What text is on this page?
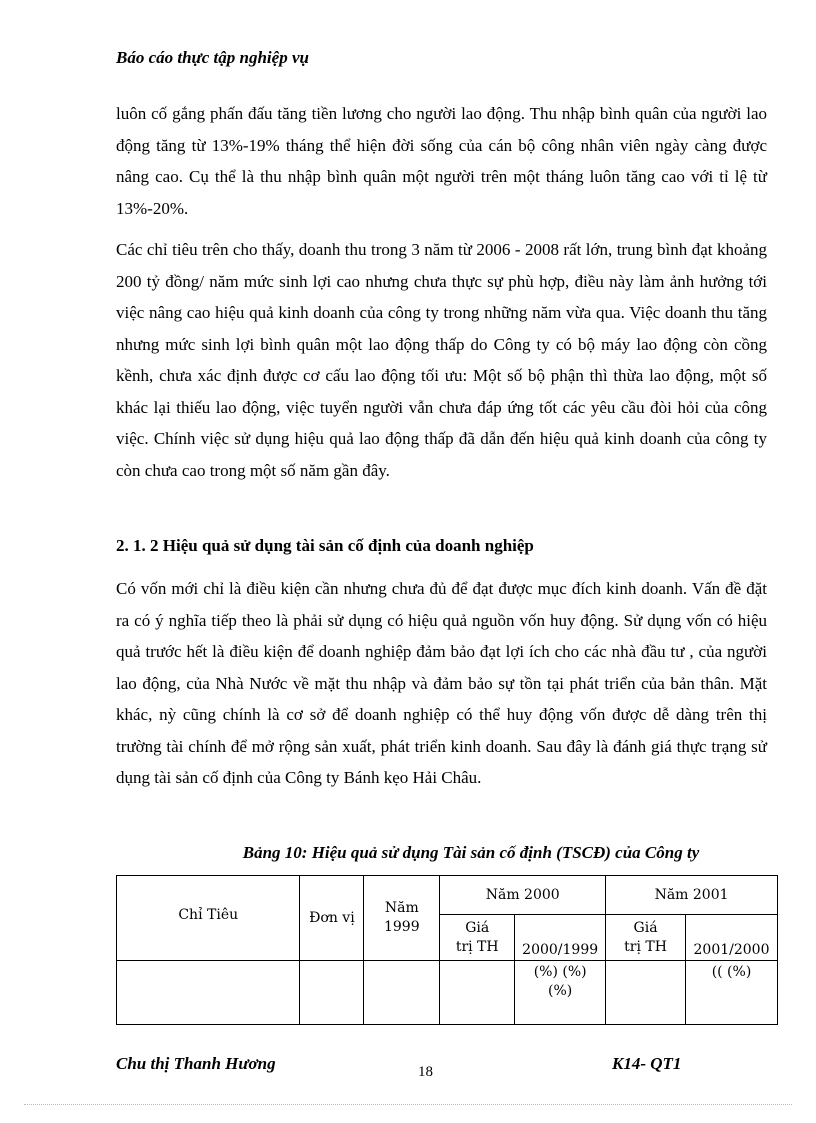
Báo cáo thực tập nghiệp vụ

luôn cố gắng phấn đấu tăng tiền lương cho người lao động. Thu nhập bình quân của người lao động tăng từ 13%-19% tháng thể hiện đời sống của cán bộ công nhân viên ngày càng được nâng cao. Cụ thể là thu nhập bình quân một người trên một tháng luôn tăng cao với tỉ lệ từ 13%-20%.

Các chỉ tiêu trên cho thấy, doanh thu trong 3 năm từ 2006 - 2008 rất lớn, trung bình đạt khoảng 200 tỷ đồng/ năm mức sinh lợi cao nhưng chưa thực sự phù hợp, điều này làm ảnh hưởng tới việc nâng cao hiệu quả kinh doanh của công ty trong những năm vừa qua. Việc doanh thu tăng nhưng mức sinh lợi bình quân một lao động thấp do Công ty có bộ máy lao động còn cồng kềnh, chưa xác định được cơ cấu lao động tối ưu: Một số bộ phận thì thừa lao động, một số khác lại thiếu lao động, việc tuyển người vẫn chưa đáp ứng tốt các yêu cầu đòi hỏi của công việc. Chính việc sử dụng hiệu quả lao động thấp đã dẫn đến hiệu quả kinh doanh của công ty còn chưa cao trong một số năm gần đây.

2. 1. 2 Hiệu quả sử dụng tài sản cố định của doanh nghiệp

Có vốn mới chỉ là điều kiện cần nhưng chưa đủ để đạt được mục đích kinh doanh. Vấn đề đặt ra có ý nghĩa tiếp theo là phải sử dụng có hiệu quả nguồn vốn huy động. Sử dụng vốn có hiệu quả trước hết là điều kiện để doanh nghiệp đảm bảo đạt lợi ích cho các nhà đầu tư , của người lao động, của Nhà Nước về mặt thu nhập và đảm bảo sự tồn tại phát triển của bản thân. Mặt khác, nỳ cũng chính là cơ sở để doanh nghiệp có thể huy động vốn được dễ dàng trên thị trường tài chính để mở rộng sản xuất, phát triển kinh doanh. Sau đây là đánh giá thực trạng sử dụng tài sản cố định của Công ty Bánh kẹo Hải Châu.

Bảng 10: Hiệu quả sử dụng Tài sản cố định (TSCĐ) của Công ty
Chỉ Tiêu	Đơn vị	Năm 1999	Năm 2000		Năm 2001	

			Giá trị TH	2000/1999	Giá trị TH	2001/2000

				(%) (%) (%)		(( (%)
Chu thị Thanh Hương	18	K14- QT1
